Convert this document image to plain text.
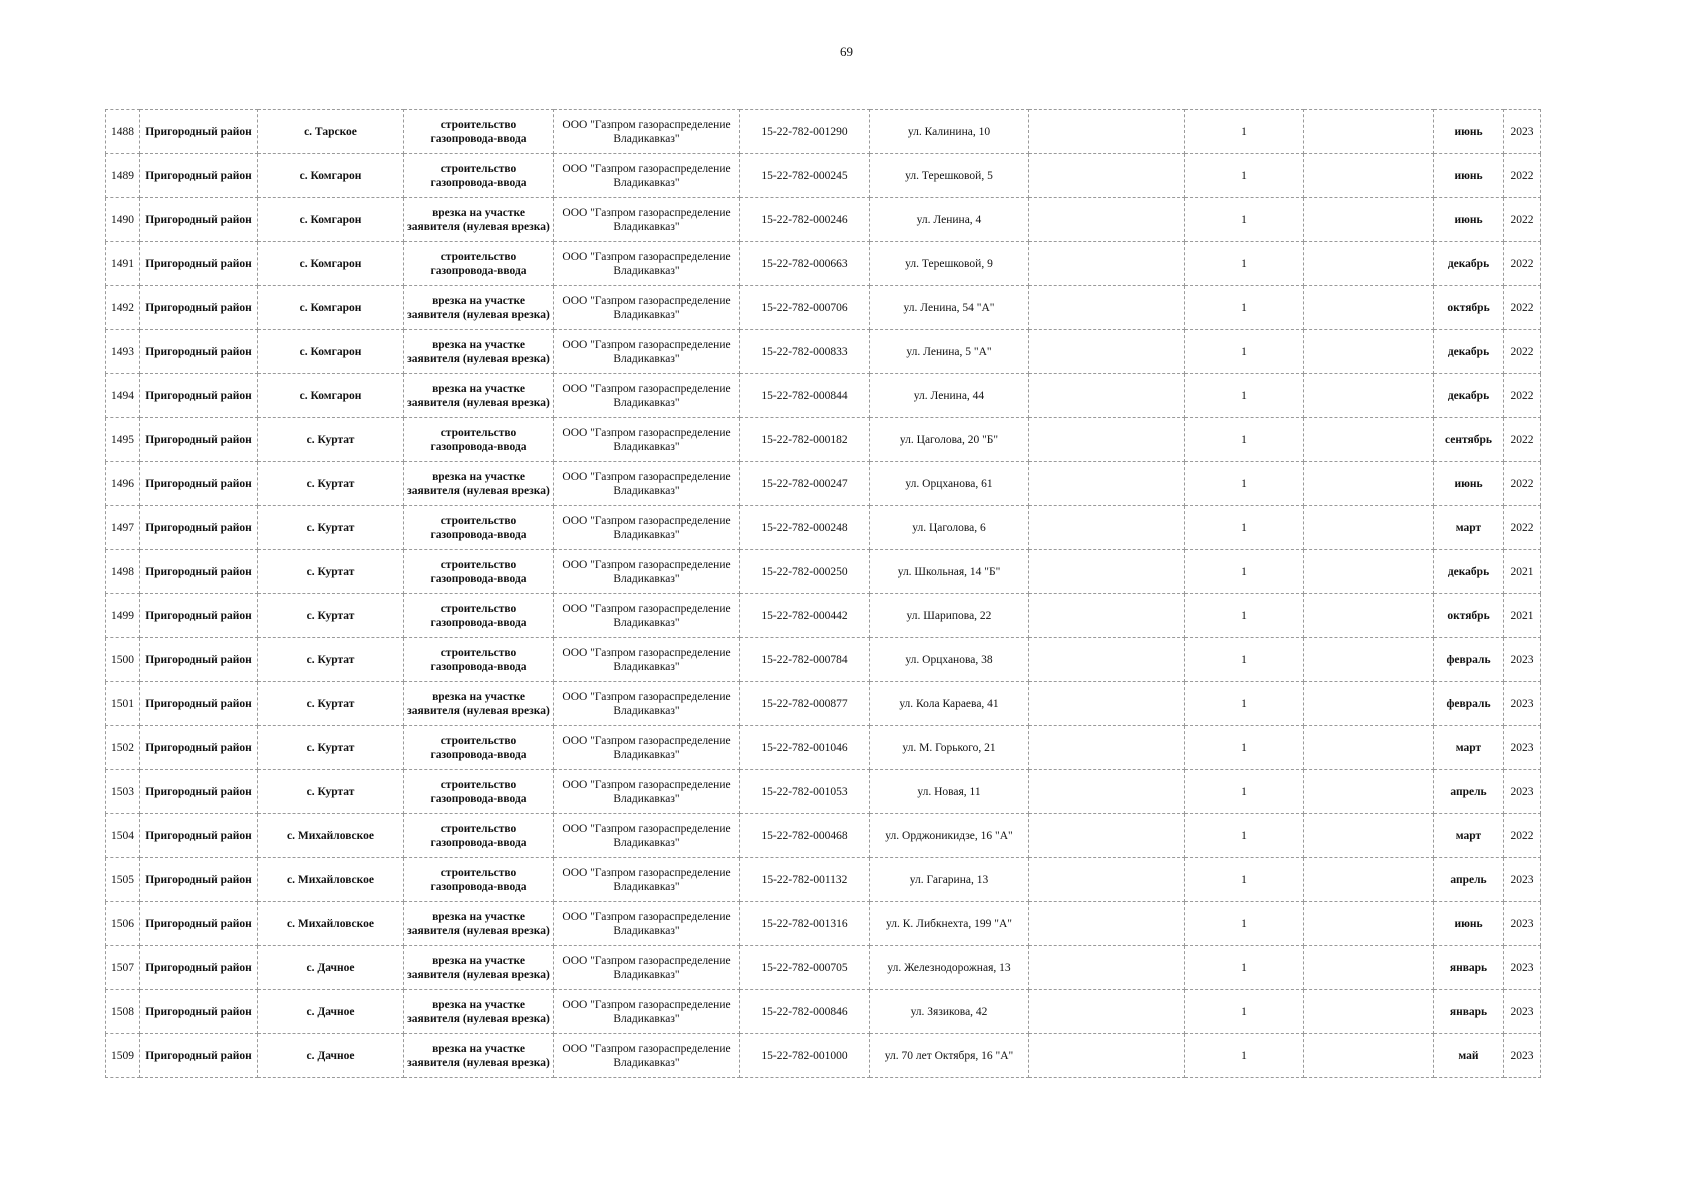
69
1488	Пригородный район	с. Тарское	строительство газопровода-ввода	ООО "Газпром газораспределение Владикавказ"	15-22-782-001290	ул. Калинина, 10		1		июнь	2023
1489	Пригородный район	с. Комгарон	строительство газопровода-ввода	ООО "Газпром газораспределение Владикавказ"	15-22-782-000245	ул. Терешковой, 5		1		июнь	2022
1490	Пригородный район	с. Комгарон	врезка на участке заявителя (нулевая врезка)	ООО "Газпром газораспределение Владикавказ"	15-22-782-000246	ул. Ленина, 4		1		июнь	2022
1491	Пригородный район	с. Комгарон	строительство газопровода-ввода	ООО "Газпром газораспределение Владикавказ"	15-22-782-000663	ул. Терешковой, 9		1		декабрь	2022
1492	Пригородный район	с. Комгарон	врезка на участке заявителя (нулевая врезка)	ООО "Газпром газораспределение Владикавказ"	15-22-782-000706	ул. Ленина, 54 "А"		1		октябрь	2022
1493	Пригородный район	с. Комгарон	врезка на участке заявителя (нулевая врезка)	ООО "Газпром газораспределение Владикавказ"	15-22-782-000833	ул. Ленина, 5 "А"		1		декабрь	2022
1494	Пригородный район	с. Комгарон	врезка на участке заявителя (нулевая врезка)	ООО "Газпром газораспределение Владикавказ"	15-22-782-000844	ул. Ленина, 44		1		декабрь	2022
1495	Пригородный район	с. Куртат	строительство газопровода-ввода	ООО "Газпром газораспределение Владикавказ"	15-22-782-000182	ул. Цаголова, 20 "Б"		1		сентябрь	2022
1496	Пригородный район	с. Куртат	врезка на участке заявителя (нулевая врезка)	ООО "Газпром газораспределение Владикавказ"	15-22-782-000247	ул. Орцханова, 61		1		июнь	2022
1497	Пригородный район	с. Куртат	строительство газопровода-ввода	ООО "Газпром газораспределение Владикавказ"	15-22-782-000248	ул. Цаголова, 6		1		март	2022
1498	Пригородный район	с. Куртат	строительство газопровода-ввода	ООО "Газпром газораспределение Владикавказ"	15-22-782-000250	ул. Школьная, 14 "Б"		1		декабрь	2021
1499	Пригородный район	с. Куртат	строительство газопровода-ввода	ООО "Газпром газораспределение Владикавказ"	15-22-782-000442	ул. Шарипова, 22		1		октябрь	2021
1500	Пригородный район	с. Куртат	строительство газопровода-ввода	ООО "Газпром газораспределение Владикавказ"	15-22-782-000784	ул. Орцханова, 38		1		февраль	2023
1501	Пригородный район	с. Куртат	врезка на участке заявителя (нулевая врезка)	ООО "Газпром газораспределение Владикавказ"	15-22-782-000877	ул. Кола Караева, 41		1		февраль	2023
1502	Пригородный район	с. Куртат	строительство газопровода-ввода	ООО "Газпром газораспределение Владикавказ"	15-22-782-001046	ул. М. Горького, 21		1		март	2023
1503	Пригородный район	с. Куртат	строительство газопровода-ввода	ООО "Газпром газораспределение Владикавказ"	15-22-782-001053	ул. Новая, 11		1		апрель	2023
1504	Пригородный район	с. Михайловское	строительство газопровода-ввода	ООО "Газпром газораспределение Владикавказ"	15-22-782-000468	ул. Орджоникидзе, 16 "А"		1		март	2022
1505	Пригородный район	с. Михайловское	строительство газопровода-ввода	ООО "Газпром газораспределение Владикавказ"	15-22-782-001132	ул. Гагарина, 13		1		апрель	2023
1506	Пригородный район	с. Михайловское	врезка на участке заявителя (нулевая врезка)	ООО "Газпром газораспределение Владикавказ"	15-22-782-001316	ул. К. Либкнехта, 199 "А"		1		июнь	2023
1507	Пригородный район	с. Дачное	врезка на участке заявителя (нулевая врезка)	ООО "Газпром газораспределение Владикавказ"	15-22-782-000705	ул. Железнодорожная, 13		1		январь	2023
1508	Пригородный район	с. Дачное	врезка на участке заявителя (нулевая врезка)	ООО "Газпром газораспределение Владикавказ"	15-22-782-000846	ул. Зязикова, 42		1		январь	2023
1509	Пригородный район	с. Дачное	врезка на участке заявителя (нулевая врезка)	ООО "Газпром газораспределение Владикавказ"	15-22-782-001000	ул. 70 лет Октября, 16 "А"		1		май	2023
